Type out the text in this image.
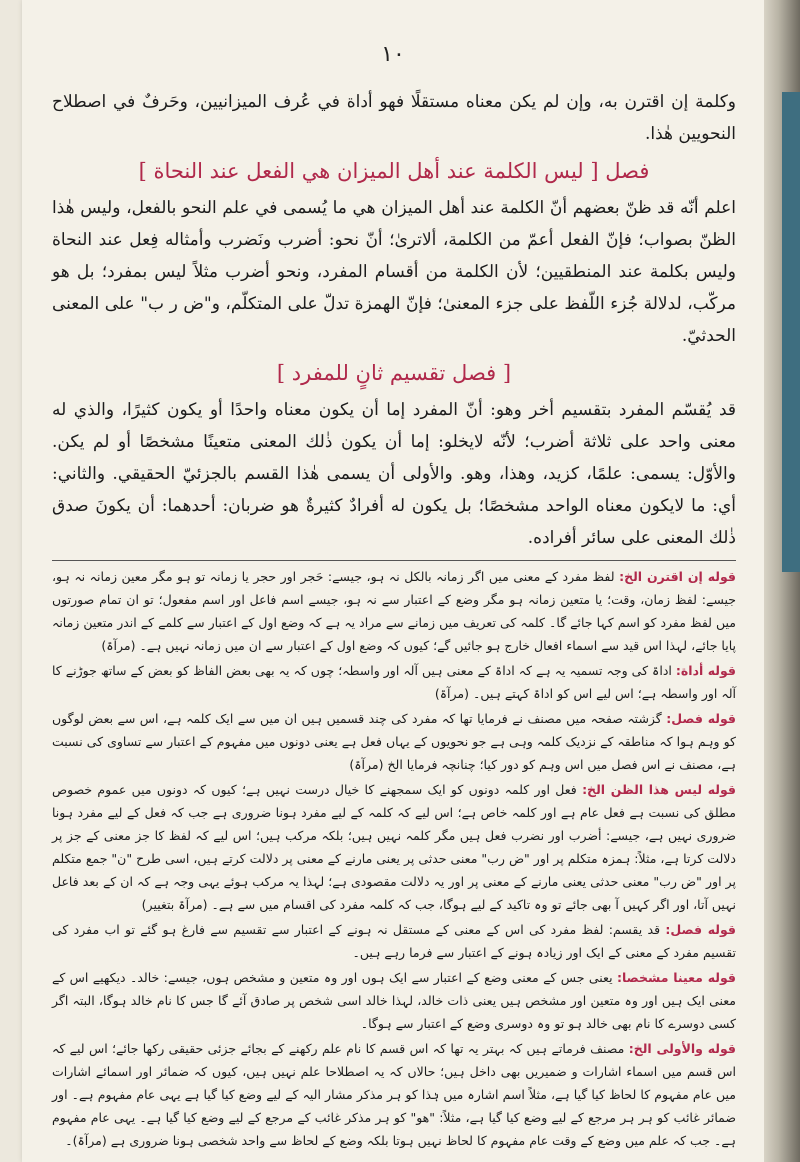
١٠

وكلمة إن اقترن به، وإن لم يكن معناه مستقلًا فهو أداة في عُرف الميزانيين، وحَرفٌ في اصطلاح النحويين هٰذا.

فصل [ ليس الكلمة عند أهل الميزان هي الفعل عند النحاة ]

اعلم أنّه قد ظنّ بعضهم أنّ الكلمة عند أهل الميزان هي ما يُسمى في علم النحو بالفعل، وليس هٰذا الظنّ بصواب؛ فإنّ الفعل أعمّ من الكلمة، ألاترىٰ؛ أنّ نحو: أضرب ونَضرب وأمثاله فِعل عند النحاة وليس بكلمة عند المنطقيين؛ لأن الكلمة من أقسام المفرد، ونحو أضرب مثلاً ليس بمفرد؛ بل هو مركّب، لدلالة جُزء اللّفظ على جزء المعنىٰ؛ فإنّ الهمزة تدلّ على المتكلّم، و"ض ر ب" على المعنى الحدثيّ.

[ فصل تقسيم ثانٍ للمفرد ]

قد يُقسّم المفرد بتقسيم أخر وهو: أنّ المفرد إما أن يكون معناه واحدًا أو يكون كثيرًا، والذي له معنى واحد على ثلاثة أضرب؛ لأنّه لايخلو: إما أن يكون ذٰلك المعنى متعينًا مشخصًا أو لم يكن. والأوّل: يسمى: علمًا، كزيد، وهذا، وهو. والأولى أن يسمى هٰذا القسم بالجزئيّ الحقيقي. والثاني: أي: ما لايكون معناه الواحد مشخصًا؛ بل يكون له أفرادٌ كثيرةٌ هو ضربان: أحدهما: أن يكونَ صدق ذٰلك المعنى على سائر أفراده.

قوله إن اقترن الخ: لفظ مفرد کے معنی میں اگر زمانہ بالکل نہ ہو، جیسے: حَجر اور حجر یا زمانہ تو ہو مگر معین زمانہ نہ ہو، جیسے: لفظ زمان، وقت؛ یا متعین زمانہ ہو مگر وضع کے اعتبار سے نہ ہو، جیسے اسم فاعل اور اسم مفعول؛ تو ان تمام صورتوں میں لفظ مفرد کو اسم کہا جائے گا۔ کلمہ کی تعریف میں زمانے سے مراد یہ ہے کہ وضع اول کے اعتبار سے کلمے کے اندر متعین زمانہ پایا جائے، لہذا اس قید سے اسماء افعال خارج ہو جائیں گے؛ کیوں کہ وضع اول کے اعتبار سے ان میں زمانہ نہیں ہے۔ (مرآۃ)

قوله أداة: اداۃ کی وجہ تسمیہ یہ ہے کہ اداۃ کے معنی ہیں آلہ اور واسطہ؛ چوں کہ یہ بھی بعض الفاظ کو بعض کے ساتھ جوڑنے کا آلہ اور واسطہ ہے؛ اس لیے اس کو اداۃ کہتے ہیں۔ (مرآۃ)

قوله فصل: گزشتہ صفحہ میں مصنف نے فرمایا تھا کہ مفرد کی چند قسمیں ہیں ان میں سے ایک کلمہ ہے، اس سے بعض لوگوں کو وہم ہوا کہ مناطقہ کے نزدیک کلمہ وہی ہے جو نحویوں کے یہاں فعل ہے یعنی دونوں میں مفہوم کے اعتبار سے تساوی کی نسبت ہے، مصنف نے اس فصل میں اس وہم کو دور کیا؛ چنانچہ فرمایا الخ (مرآۃ)

قوله ليس هذا الظن الخ: فعل اور کلمہ دونوں کو ایک سمجھنے کا خیال درست نہیں ہے؛ کیوں کہ دونوں میں عموم خصوص مطلق کی نسبت ہے فعل عام ہے اور کلمہ خاص ہے؛ اس لیے کہ کلمہ کے لیے مفرد ہونا ضروری ہے جب کہ فعل کے لیے مفرد ہونا ضروری نہیں ہے، جیسے: أضرب اور نضرب فعل ہیں مگر کلمہ نہیں ہیں؛ بلکہ مرکب ہیں؛ اس لیے کہ لفظ کا جز معنی کے جز پر دلالت کرتا ہے، مثلاً: ہمزہ متکلم پر اور "ض رب" معنی حدثی پر یعنی مارنے کے معنی پر دلالت کرتے ہیں، اسی طرح "ن" جمع متکلم پر اور "ض رب" معنی حدثی یعنی مارنے کے معنی پر اور یہ دلالت مقصودی ہے؛ لہذا یہ مرکب ہوئے یہی وجہ ہے کہ ان کے بعد فاعل نہیں آتا، اور اگر کہیں آ بھی جائے تو وہ تاکید کے لیے ہوگا، جب کہ کلمہ مفرد کی اقسام میں سے ہے۔ (مرآۃ بتغییر)

قوله فصل: قد يقسم: لفظ مفرد کی اس کے معنی کے مستقل نہ ہونے کے اعتبار سے تقسیم سے فارغ ہو گئے تو اب مفرد کی تقسیم مفرد کے معنی کے ایک اور زیادہ ہونے کے اعتبار سے فرما رہے ہیں۔

قوله معينا مشخصا: یعنی جس کے معنی وضع کے اعتبار سے ایک ہوں اور وہ متعین و مشخص ہوں، جیسے: خالد۔ دیکھیے اس کے معنی ایک ہیں اور وہ متعین اور مشخص ہیں یعنی ذات خالد، لہذا خالد اسی شخص پر صادق آئے گا جس کا نام خالد ہوگا، البتہ اگر کسی دوسرے کا نام بھی خالد ہو تو وہ دوسری وضع کے اعتبار سے ہوگا۔

قوله والأولى الخ: مصنف فرماتے ہیں کہ بہتر یہ تھا کہ اس قسم کا نام علم رکھنے کے بجائے جزئی حقیقی رکھا جائے؛ اس لیے کہ اس قسم میں اسماء اشارات و ضمیریں بھی داخل ہیں؛ حالاں کہ یہ اصطلاحا علم نہیں ہیں، کیوں کہ ضمائر اور اسمائے اشارات میں عام مفہوم کا لحاظ کیا گیا ہے، مثلاً اسم اشارہ میں ہٰذا کو ہر مذکر مشار الیہ کے لیے وضع کیا گیا ہے یہی عام مفہوم ہے۔ اور ضمائر غائب کو ہر ہر مرجع کے لیے وضع کیا گیا ہے، مثلاً: "ھو" کو ہر مذکر غائب کے مرجع کے لیے وضع کیا گیا ہے۔ یہی عام مفہوم ہے۔ جب کہ علم میں وضع کے وقت عام مفہوم کا لحاظ نہیں ہوتا بلکہ وضع کے لحاظ سے واحد شخصی ہونا ضروری ہے (مرآۃ)۔
